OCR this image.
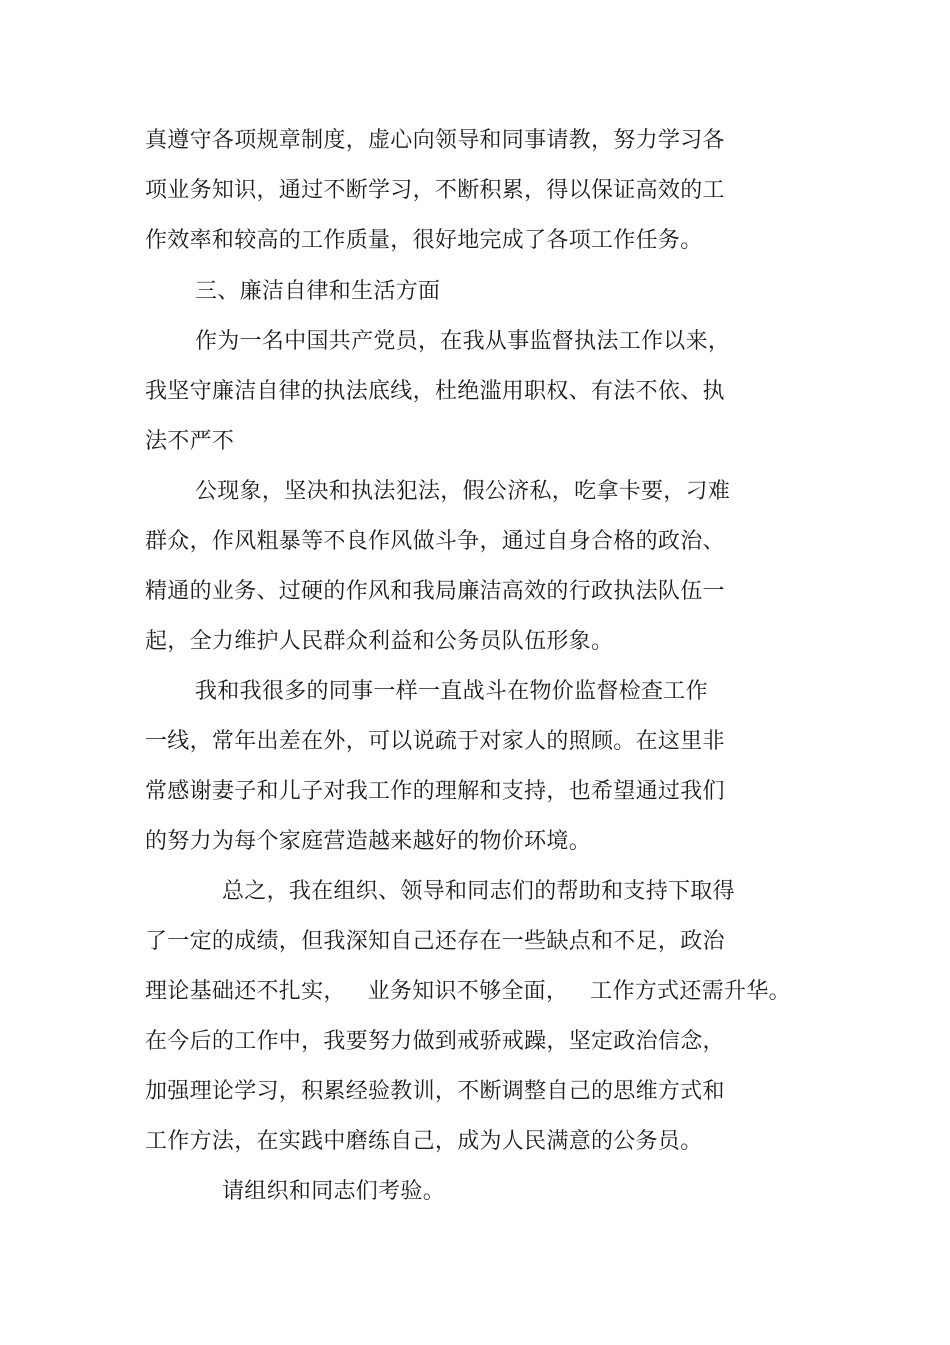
真遵守各项规章制度，虚心向领导和同事请教，努力学习各
项业务知识，通过不断学习，不断积累，得以保证高效的工
作效率和较高的工作质量，很好地完成了各项工作任务。
三、廉洁自律和生活方面
作为一名中国共产党员，在我从事监督执法工作以来，
我坚守廉洁自律的执法底线，杜绝滥用职权、有法不依、执
法不严不
公现象，坚决和执法犯法，假公济私，吃拿卡要，刁难
群众，作风粗暴等不良作风做斗争，通过自身合格的政治、
精通的业务、过硬的作风和我局廉洁高效的行政执法队伍一
起，全力维护人民群众利益和公务员队伍形象。
我和我很多的同事一样一直战斗在物价监督检查工作
一线，常年出差在外，可以说疏于对家人的照顾。在这里非
常感谢妻子和儿子对我工作的理解和支持，也希望通过我们
的努力为每个家庭营造越来越好的物价环境。
总之，我在组织、领导和同志们的帮助和支持下取得
了一定的成绩，但我深知自己还存在一些缺点和不足，政治
理论基础还不扎实，   业务知识不够全面，   工作方式还需升华。
在今后的工作中，我要努力做到戒骄戒躁，坚定政治信念，
加强理论学习，积累经验教训，不断调整自己的思维方式和
工作方法，在实践中磨练自己，成为人民满意的公务员。
请组织和同志们考验。
